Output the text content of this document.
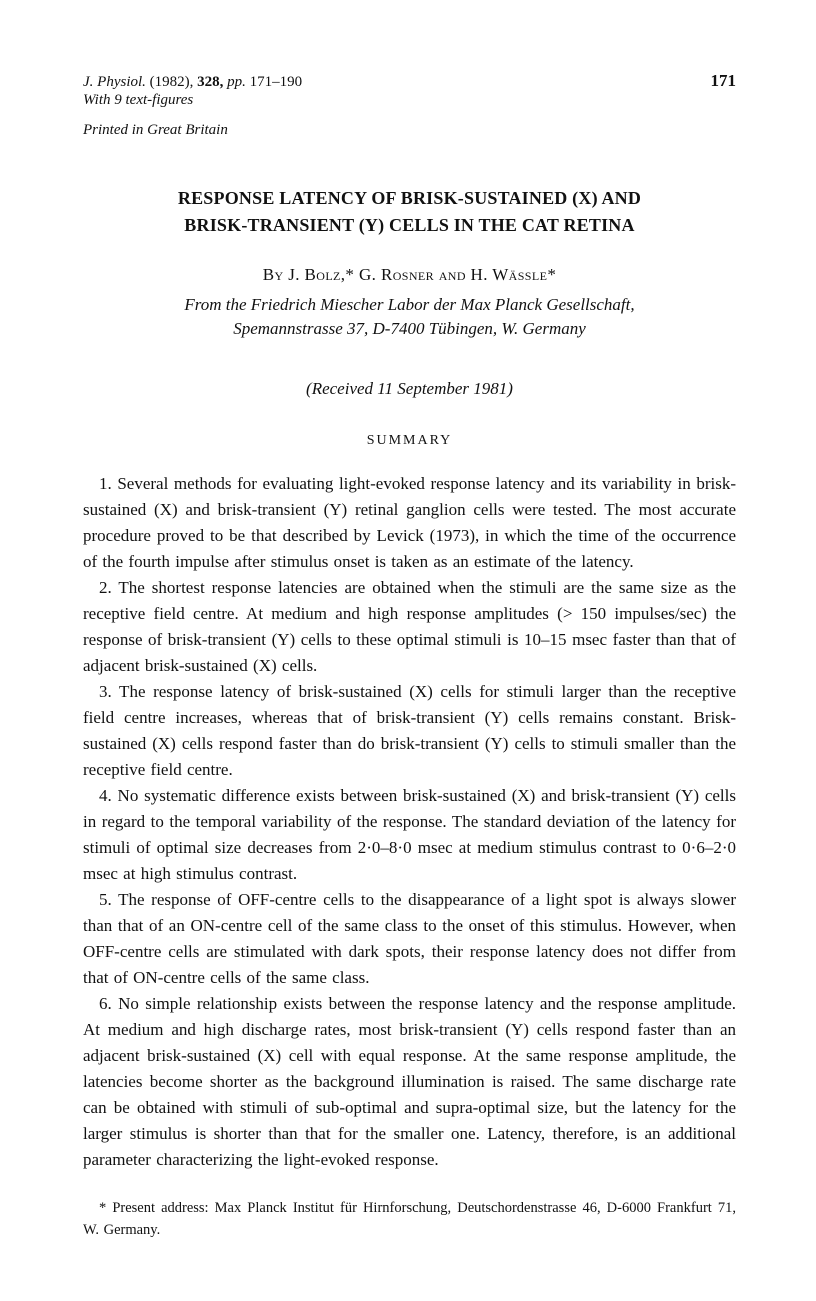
J. Physiol. (1982), 328, pp. 171–190	171
With 9 text-figures
Printed in Great Britain
RESPONSE LATENCY OF BRISK-SUSTAINED (X) AND
BRISK-TRANSIENT (Y) CELLS IN THE CAT RETINA
By J. Bolz,* G. Rosner and H. Wässle*
From the Friedrich Miescher Labor der Max Planck Gesellschaft,
Spemannstrasse 37, D-7400 Tübingen, W. Germany
(Received 11 September 1981)
SUMMARY

1. Several methods for evaluating light-evoked response latency and its variability in brisk-sustained (X) and brisk-transient (Y) retinal ganglion cells were tested. The most accurate procedure proved to be that described by Levick (1973), in which the time of the occurrence of the fourth impulse after stimulus onset is taken as an estimate of the latency.

2. The shortest response latencies are obtained when the stimuli are the same size as the receptive field centre. At medium and high response amplitudes (> 150 impulses/sec) the response of brisk-transient (Y) cells to these optimal stimuli is 10–15 msec faster than that of adjacent brisk-sustained (X) cells.

3. The response latency of brisk-sustained (X) cells for stimuli larger than the receptive field centre increases, whereas that of brisk-transient (Y) cells remains constant. Brisk-sustained (X) cells respond faster than do brisk-transient (Y) cells to stimuli smaller than the receptive field centre.

4. No systematic difference exists between brisk-sustained (X) and brisk-transient (Y) cells in regard to the temporal variability of the response. The standard deviation of the latency for stimuli of optimal size decreases from 2·0–8·0 msec at medium stimulus contrast to 0·6–2·0 msec at high stimulus contrast.

5. The response of OFF-centre cells to the disappearance of a light spot is always slower than that of an ON-centre cell of the same class to the onset of this stimulus. However, when OFF-centre cells are stimulated with dark spots, their response latency does not differ from that of ON-centre cells of the same class.

6. No simple relationship exists between the response latency and the response amplitude. At medium and high discharge rates, most brisk-transient (Y) cells respond faster than an adjacent brisk-sustained (X) cell with equal response. At the same response amplitude, the latencies become shorter as the background illumination is raised. The same discharge rate can be obtained with stimuli of sub-optimal and supra-optimal size, but the latency for the larger stimulus is shorter than that for the smaller one. Latency, therefore, is an additional parameter characterizing the light-evoked response.

* Present address: Max Planck Institut für Hirnforschung, Deutschordenstrasse 46, D-6000 Frankfurt 71, W. Germany.
